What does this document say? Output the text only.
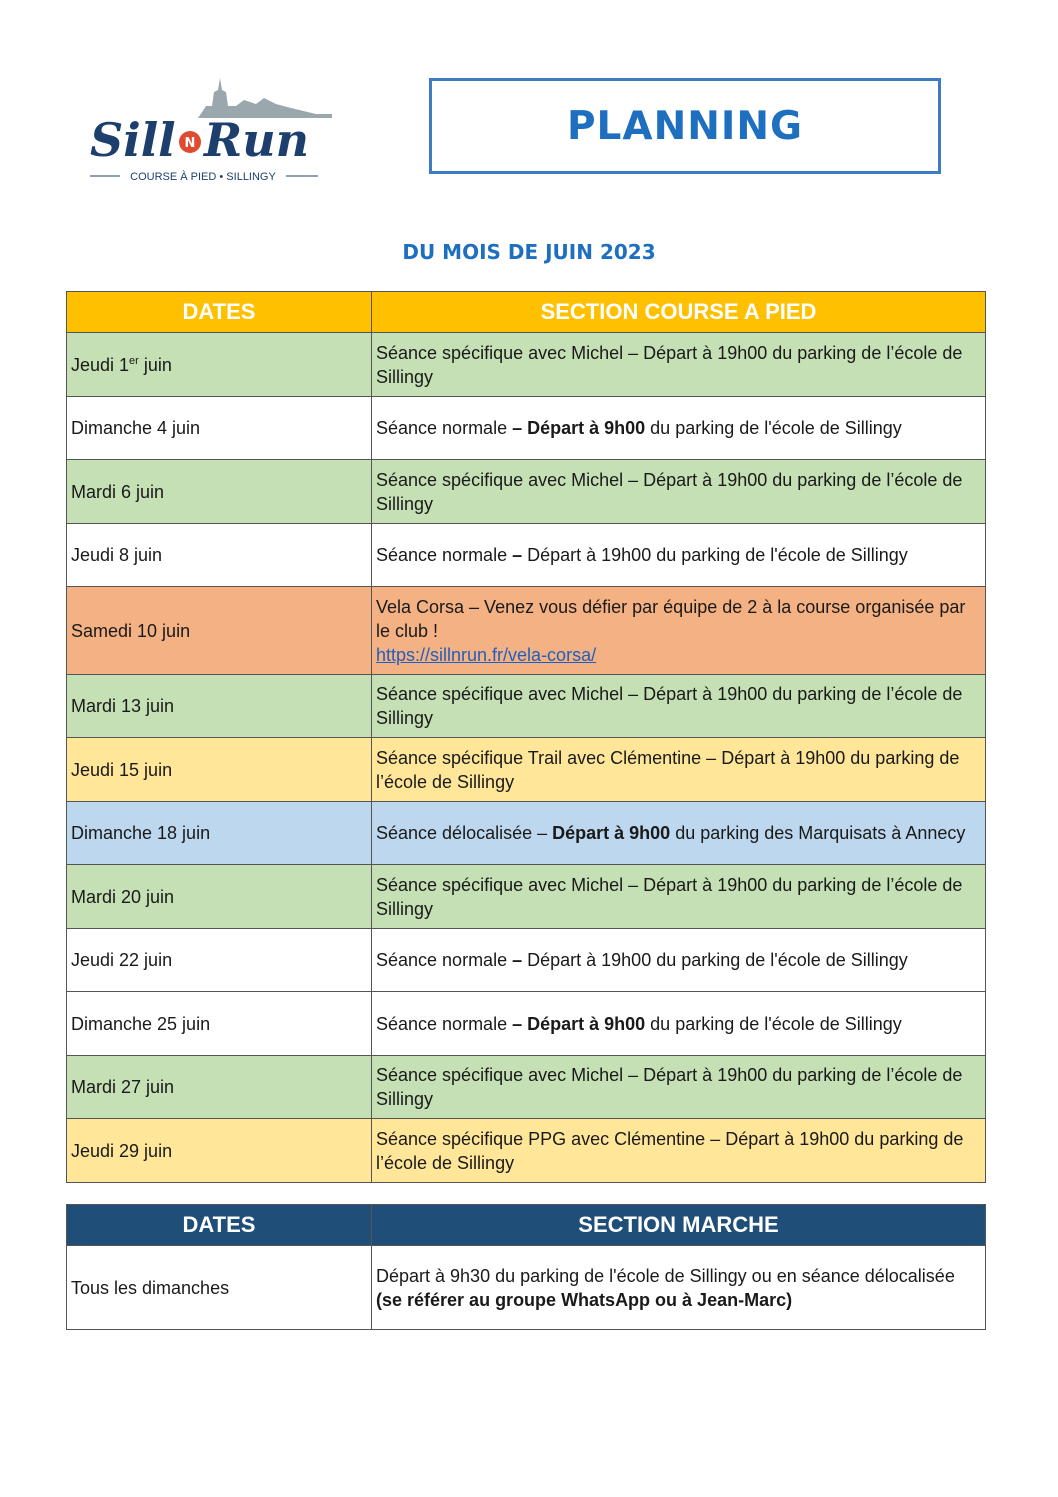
Sill N Run
COURSE À PIED • SILLINGY
PLANNING
DU MOIS DE JUIN 2023
DATES	SECTION COURSE A PIED
Jeudi 1er juin	Séance spécifique avec Michel – Départ à 19h00 du parking de l’école de Sillingy
Dimanche 4 juin	Séance normale – Départ à 9h00 du parking de l'école de Sillingy
Mardi 6 juin	Séance spécifique avec Michel – Départ à 19h00 du parking de l’école de Sillingy
Jeudi 8 juin	Séance normale – Départ à 19h00 du parking de l'école de Sillingy
Samedi 10 juin	Vela Corsa – Venez vous défier par équipe de 2 à la course organisée par le club !
https://sillnrun.fr/vela-corsa/
Mardi 13 juin	Séance spécifique avec Michel – Départ à 19h00 du parking de l’école de Sillingy
Jeudi 15 juin	Séance spécifique Trail avec Clémentine – Départ à 19h00 du parking de l’école de Sillingy
Dimanche 18 juin	Séance délocalisée – Départ à 9h00 du parking des Marquisats à Annecy
Mardi 20 juin	Séance spécifique avec Michel – Départ à 19h00 du parking de l’école de Sillingy
Jeudi 22 juin	Séance normale – Départ à 19h00 du parking de l'école de Sillingy
Dimanche 25 juin	Séance normale – Départ à 9h00 du parking de l'école de Sillingy
Mardi 27 juin	Séance spécifique avec Michel – Départ à 19h00 du parking de l’école de Sillingy
Jeudi 29 juin	Séance spécifique PPG avec Clémentine – Départ à 19h00 du parking de l’école de Sillingy
DATES	SECTION MARCHE
Tous les dimanches	Départ à 9h30 du parking de l'école de Sillingy ou en séance délocalisée (se référer au groupe WhatsApp ou à Jean-Marc)
